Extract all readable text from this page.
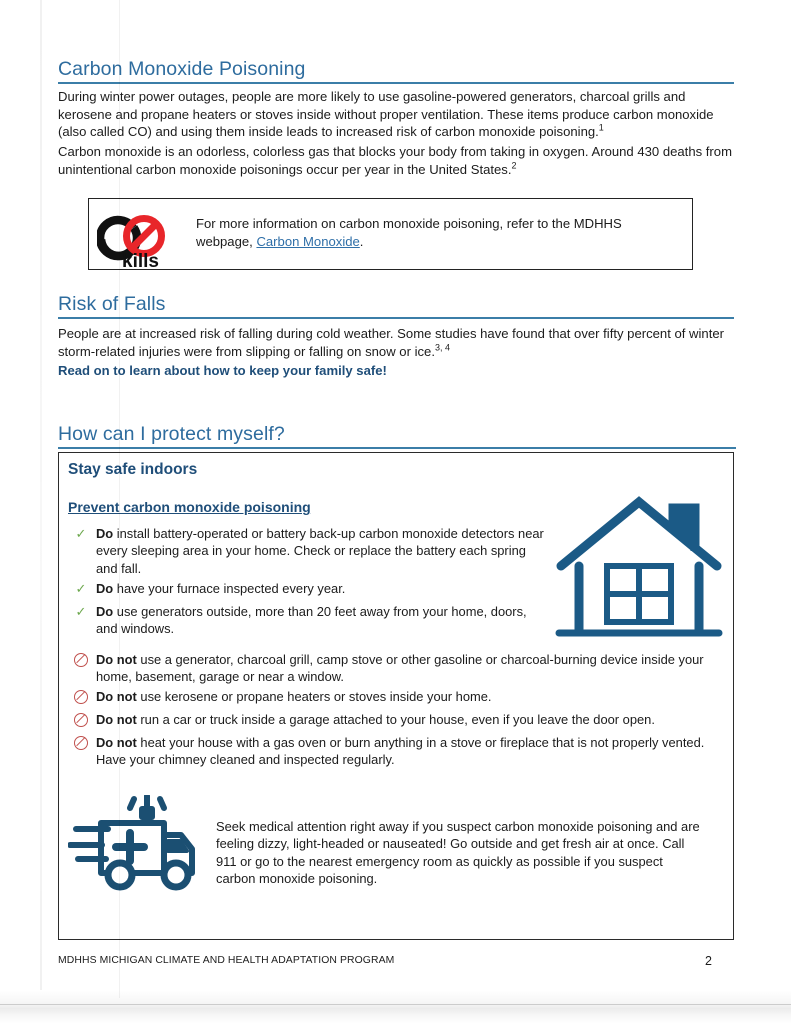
Carbon Monoxide Poisoning
During winter power outages, people are more likely to use gasoline-powered generators, charcoal grills and kerosene and propane heaters or stoves inside without proper ventilation. These items produce carbon monoxide (also called CO) and using them inside leads to increased risk of carbon monoxide poisoning.$^1$
Carbon monoxide is an odorless, colorless gas that blocks your body from taking in oxygen. Around 430 deaths from unintentional carbon monoxide poisonings occur per year in the United States.$^2$
kills
For more information on carbon monoxide poisoning, refer to the MDHHS webpage, Carbon Monoxide.
Risk of Falls
People are at increased risk of falling during cold weather. Some studies have found that over fifty percent of winter storm-related injuries were from slipping or falling on snow or ice.$^{3, 4}$
Read on to learn about how to keep your family safe!
How can I protect myself?
Stay safe indoors
Prevent carbon monoxide poisoning
✓ Do install battery-operated or battery back-up carbon monoxide detectors near every sleeping area in your home. Check or replace the battery each spring and fall.
✓ Do have your furnace inspected every year.
✓ Do use generators outside, more than 20 feet away from your home, doors, and windows.
Do not use a generator, charcoal grill, camp stove or other gasoline or charcoal-burning device inside your home, basement, garage or near a window.
Do not use kerosene or propane heaters or stoves inside your home.
Do not run a car or truck inside a garage attached to your house, even if you leave the door open.
Do not heat your house with a gas oven or burn anything in a stove or fireplace that is not properly vented. Have your chimney cleaned and inspected regularly.
Seek medical attention right away if you suspect carbon monoxide poisoning and are feeling dizzy, light-headed or nauseated! Go outside and get fresh air at once. Call 911 or go to the nearest emergency room as quickly as possible if you suspect carbon monoxide poisoning.
MDHHS MICHIGAN CLIMATE AND HEALTH ADAPTATION PROGRAM	2
